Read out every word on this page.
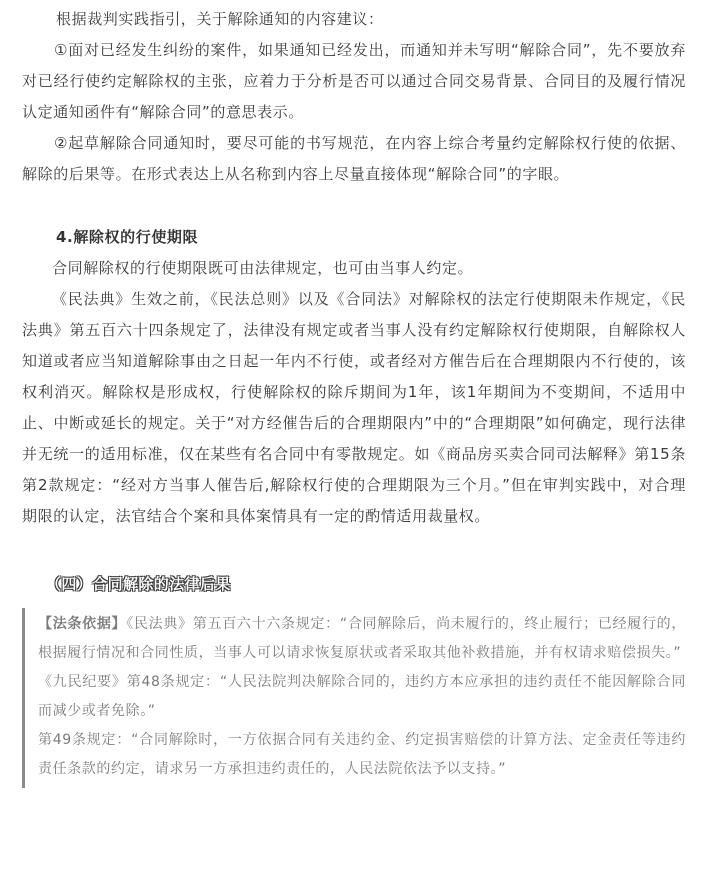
根据裁判实践指引，关于解除通知的内容建议：

①面对已经发生纠纷的案件，如果通知已经发出，而通知并未写明“解除合同”，先不要放弃对已经行使约定解除权的主张，应着力于分析是否可以通过合同交易背景、合同目的及履行情况认定通知函件有“解除合同”的意思表示。

②起草解除合同通知时，要尽可能的书写规范，在内容上综合考量约定解除权行使的依据、解除的后果等。在形式表达上从名称到内容上尽量直接体现“解除合同”的字眼。

4.解除权的行使期限

合同解除权的行使期限既可由法律规定，也可由当事人约定。

《民法典》生效之前，《民法总则》以及《合同法》对解除权的法定行使期限未作规定，《民法典》第五百六十四条规定了，法律没有规定或者当事人没有约定解除权行使期限，自解除权人知道或者应当知道解除事由之日起一年内不行使，或者经对方催告后在合理期限内不行使的，该权利消灭。解除权是形成权，行使解除权的除斥期间为1年，该1年期间为不变期间，不适用中止、中断或延长的规定。关于“对方经催告后的合理期限内”中的“合理期限”如何确定，现行法律并无统一的适用标准，仅在某些有名合同中有零散规定。如《商品房买卖合同司法解释》第15条第2款规定：“经对方当事人催告后,解除权行使的合理期限为三个月。”但在审判实践中，对合理期限的认定，法官结合个案和具体案情具有一定的酌情适用裁量权。

（四）合同解除的法律后果

【法条依据】《民法典》第五百六十六条规定：“合同解除后，尚未履行的，终止履行；已经履行的，根据履行情况和合同性质，当事人可以请求恢复原状或者采取其他补救措施，并有权请求赔偿损失。”

《九民纪要》第48条规定：“人民法院判决解除合同的，违约方本应承担的违约责任不能因解除合同而减少或者免除。”

第49条规定：“合同解除时，一方依据合同有关违约金、约定损害赔偿的计算方法、定金责任等违约责任条款的约定，请求另一方承担违约责任的，人民法院依法予以支持。”
